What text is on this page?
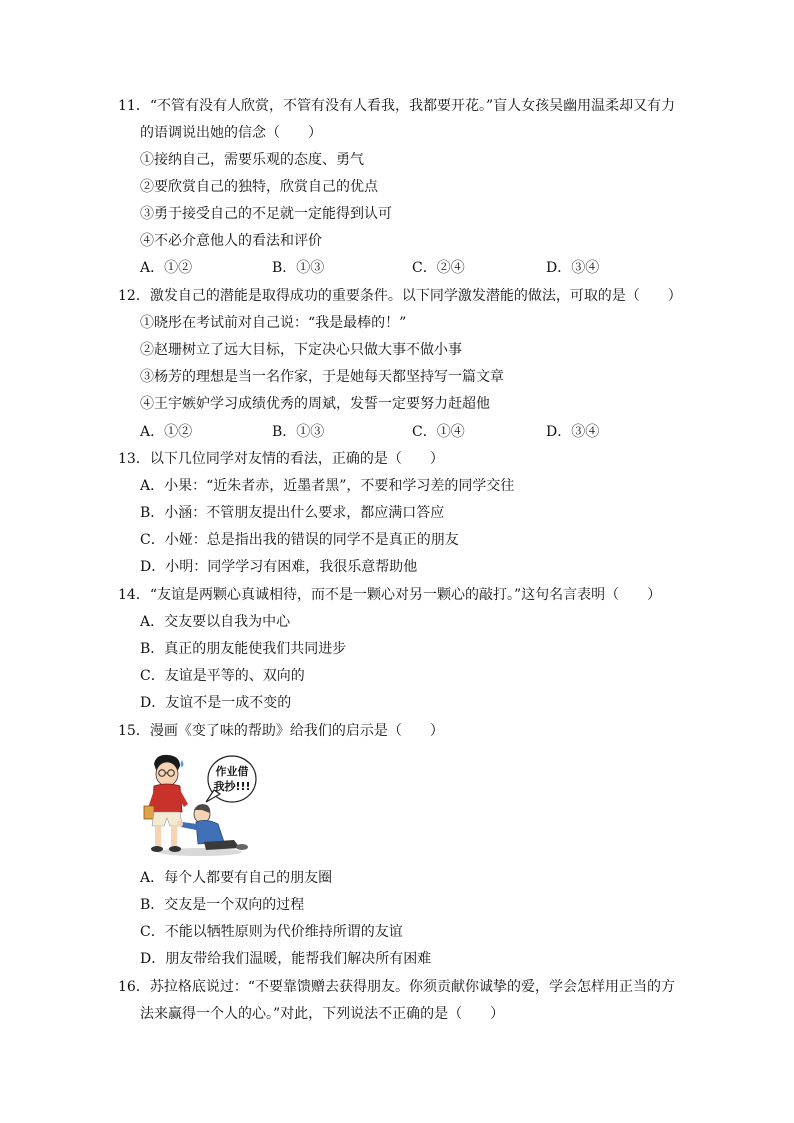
11．“不管有没有人欣赏，不管有没有人看我，我都要开花。”盲人女孩吴幽用温柔却又有力
的语调说出她的信念（　　）
①接纳自己，需要乐观的态度、勇气
②要欣赏自己的独特，欣赏自己的优点
③勇于接受自己的不足就一定能得到认可
④不必介意他人的看法和评价
A．①②	B．①③	C．②④	D．③④
12．激发自己的潜能是取得成功的重要条件。以下同学激发潜能的做法，可取的是（　　）
①晓彤在考试前对自己说：“我是最棒的！”
②赵珊树立了远大目标，下定决心只做大事不做小事
③杨芳的理想是当一名作家，于是她每天都坚持写一篇文章
④王宇嫉妒学习成绩优秀的周斌，发誓一定要努力赶超他
A．①②	B．①③	C．①④	D．③④
13．以下几位同学对友情的看法，正确的是（　　）
A．小果：“近朱者赤，近墨者黑”，不要和学习差的同学交往
B．小涵：不管朋友提出什么要求，都应满口答应
C．小娅：总是指出我的错误的同学不是真正的朋友
D．小明：同学学习有困难，我很乐意帮助他
14．“友谊是两颗心真诚相待，而不是一颗心对另一颗心的敲打。”这句名言表明（　　）
A．交友要以自我为中心
B．真正的朋友能使我们共同进步
C．友谊是平等的、双向的
D．友谊不是一成不变的
15．漫画《变了味的帮助》给我们的启示是（　　）
作业借
我抄!!!
A．每个人都要有自己的朋友圈
B．交友是一个双向的过程
C．不能以牺牲原则为代价维持所谓的友谊
D．朋友带给我们温暖，能帮我们解决所有困难
16．苏拉格底说过：“不要靠馈赠去获得朋友。你须贡献你诚挚的爱，学会怎样用正当的方
法来赢得一个人的心。”对此，下列说法不正确的是（　　）
